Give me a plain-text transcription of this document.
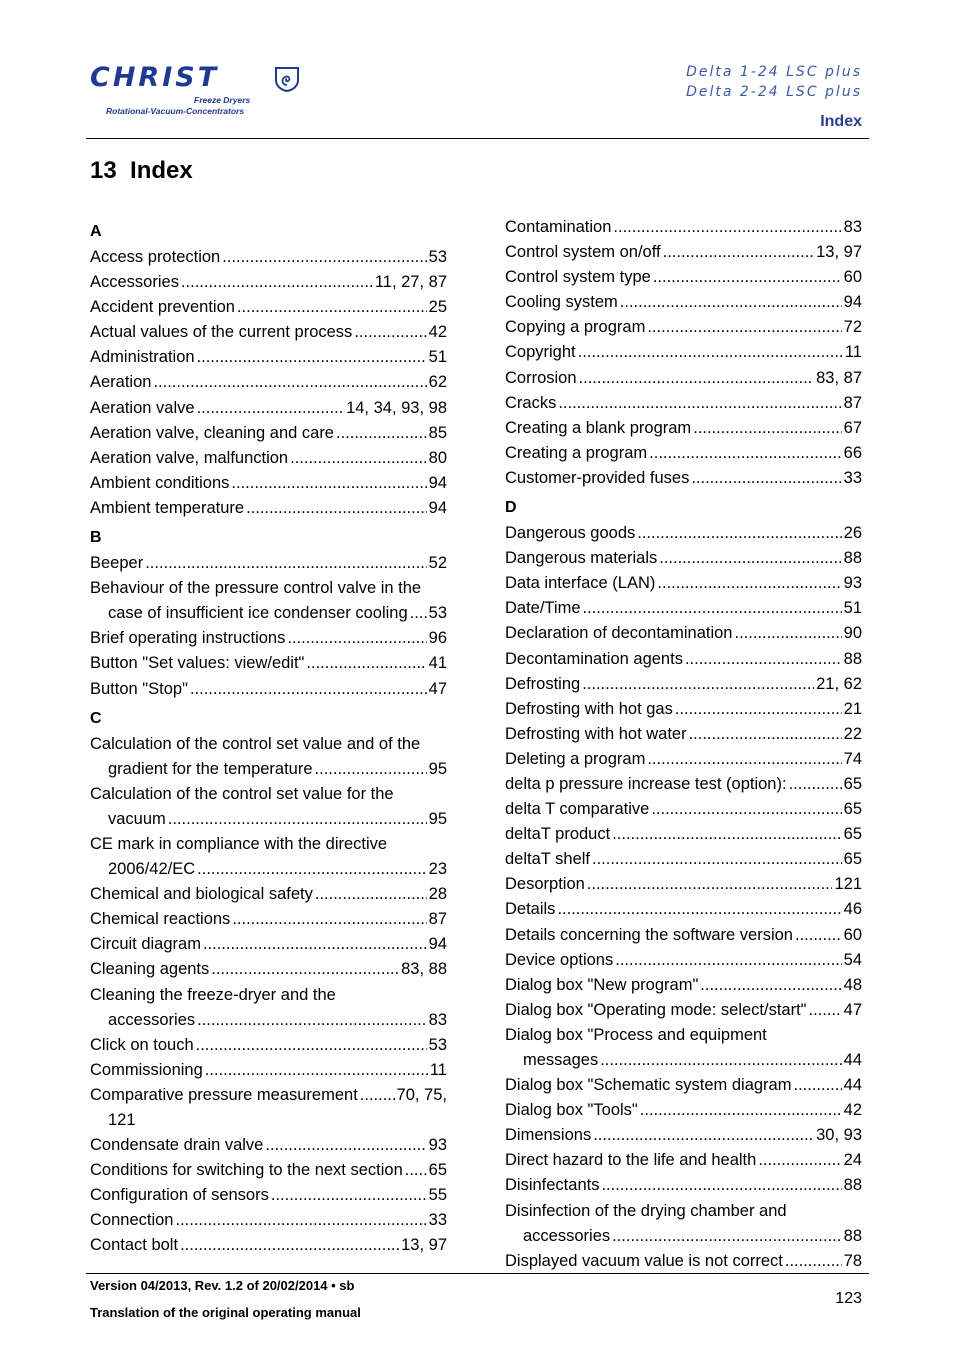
CHRIST
Freeze Dryers
Rotational-Vacuum-Concentrators
Delta 1-24 LSC plus
Delta 2-24 LSC plus
Index
13 Index
A
Access protection .....	53
Accessories .....	11, 27, 87
Accident prevention .....	25
Actual values of the current process .....	42
Administration .....	51
Aeration .....	62
Aeration valve .....	14, 34, 93, 98
Aeration valve, cleaning and care .....	85
Aeration valve, malfunction .....	80
Ambient conditions .....	94
Ambient temperature .....	94
B
Beeper .....	52
Behaviour of the pressure control valve in the
case of insufficient ice condenser cooling ..... 53
Brief operating instructions .....	96
Button "Set values: view/edit" .....	41
Button "Stop" .....	47
C
Calculation of the control set value and of the
gradient for the temperature .....	95
Calculation of the control set value for the
vacuum .....	95
CE mark in compliance with the directive
2006/42/EC .....	23
Chemical and biological safety .....	28
Chemical reactions .....	87
Circuit diagram .....	94
Cleaning agents .....	83, 88
Cleaning the freeze-dryer and the
accessories .....	83
Click on touch .....	53
Commissioning .....	11
Comparative pressure measurement ..... 70, 75,
121
Condensate drain valve .....	93
Conditions for switching to the next section ..... 65
Configuration of sensors .....	55
Connection .....	33
Contact bolt .....	13, 97
Contamination .....	83
Control system on/off .....	13, 97
Control system type .....	60
Cooling system .....	94
Copying a program .....	72
Copyright .....	11
Corrosion .....	83, 87
Cracks .....	87
Creating a blank program .....	67
Creating a program .....	66
Customer-provided fuses .....	33
D
Dangerous goods .....	26
Dangerous materials .....	88
Data interface (LAN) .....	93
Date/Time .....	51
Declaration of decontamination .....	90
Decontamination agents .....	88
Defrosting .....	21, 62
Defrosting with hot gas .....	21
Defrosting with hot water .....	22
Deleting a program .....	74
delta p pressure increase test (option): .....	65
delta T comparative .....	65
deltaT product .....	65
deltaT shelf .....	65
Desorption .....	121
Details .....	46
Details concerning the software version .....	60
Device options .....	54
Dialog box "New program" .....	48
Dialog box "Operating mode: select/start" ..... 47
Dialog box "Process and equipment
messages .....	44
Dialog box "Schematic system diagram .....	44
Dialog box "Tools" .....	42
Dimensions .....	30, 93
Direct hazard to the life and health .....	24
Disinfectants .....	88
Disinfection of the drying chamber and
accessories .....	88
Displayed vacuum value is not correct .....	78
Version 04/2013, Rev. 1.2 of 20/02/2014 • sb
Translation of the original operating manual
123
